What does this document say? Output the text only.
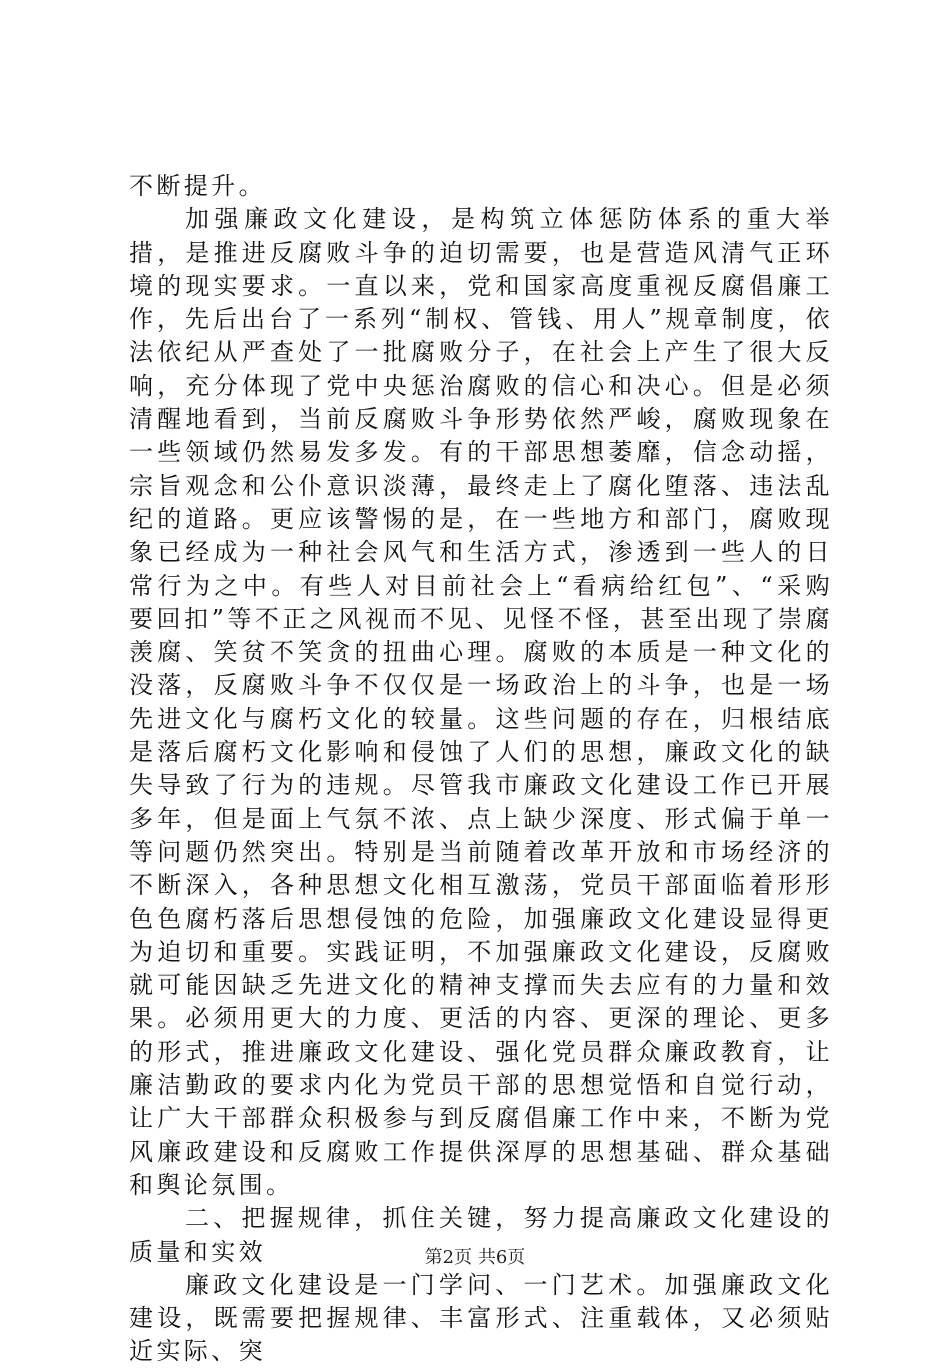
不断提升。

加强廉政文化建设，是构筑立体惩防体系的重大举措，是推进反腐败斗争的迫切需要，也是营造风清气正环境的现实要求。一直以来，党和国家高度重视反腐倡廉工作，先后出台了一系列“制权、管钱、用人”规章制度，依法依纪从严查处了一批腐败分子，在社会上产生了很大反响，充分体现了党中央惩治腐败的信心和决心。但是必须清醒地看到，当前反腐败斗争形势依然严峻，腐败现象在一些领域仍然易发多发。有的干部思想萎靡，信念动摇，宗旨观念和公仆意识淡薄，最终走上了腐化堕落、违法乱纪的道路。更应该警惕的是，在一些地方和部门，腐败现象已经成为一种社会风气和生活方式，渗透到一些人的日常行为之中。有些人对目前社会上“看病给红包”、“采购要回扣”等不正之风视而不见、见怪不怪，甚至出现了崇腐羡腐、笑贫不笑贪的扭曲心理。腐败的本质是一种文化的没落，反腐败斗争不仅仅是一场政治上的斗争，也是一场先进文化与腐朽文化的较量。这些问题的存在，归根结底是落后腐朽文化影响和侵蚀了人们的思想，廉政文化的缺失导致了行为的违规。尽管我市廉政文化建设工作已开展多年，但是面上气氛不浓、点上缺少深度、形式偏于单一等问题仍然突出。特别是当前随着改革开放和市场经济的不断深入，各种思想文化相互激荡，党员干部面临着形形色色腐朽落后思想侵蚀的危险，加强廉政文化建设显得更为迫切和重要。实践证明，不加强廉政文化建设，反腐败就可能因缺乏先进文化的精神支撑而失去应有的力量和效果。必须用更大的力度、更活的内容、更深的理论、更多的形式，推进廉政文化建设、强化党员群众廉政教育，让廉洁勤政的要求内化为党员干部的思想觉悟和自觉行动，让广大干部群众积极参与到反腐倡廉工作中来，不断为党风廉政建设和反腐败工作提供深厚的思想基础、群众基础和舆论氛围。

二、把握规律，抓住关键，努力提高廉政文化建设的质量和实效

廉政文化建设是一门学问、一门艺术。加强廉政文化建设，既需要把握规律、丰富形式、注重载体，又必须贴近实际、突

第2页 共6页
